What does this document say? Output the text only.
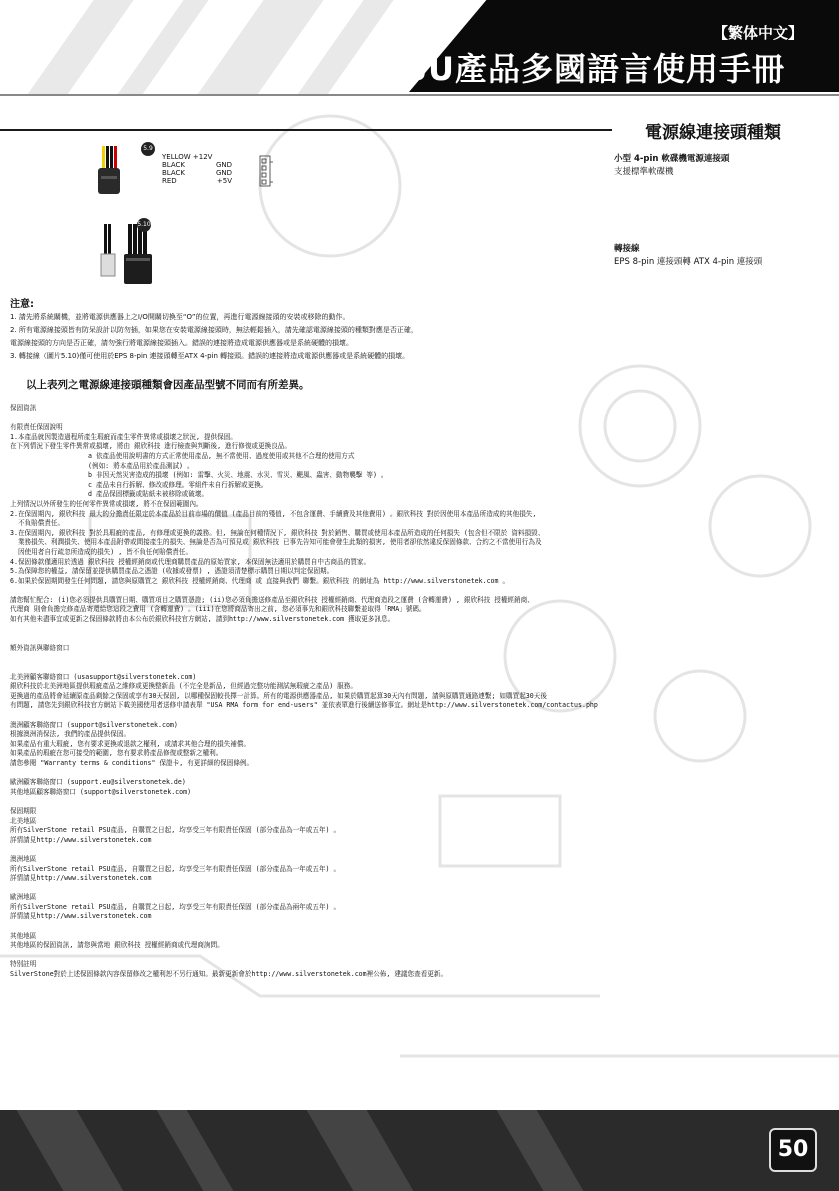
【繁体中文】
PSU產品多國語言使用手冊
電源線連接頭種類
5.9
5.10
YELLOW +12V
BLACK	GND
BLACK	GND
RED	+5V
小型 4-pin 軟碟機電源連接頭
支援標準軟碟機
轉接線
EPS 8-pin 連接頭轉 ATX 4-pin 連接頭
注意:
1. 請先將系統關機，並將電源供應器上之I/O開關切換至“O”的位置，再進行電源線接頭的安裝或移除的動作。
2. 所有電源線接頭皆有防呆設計以防勿插，如果您在安裝電源線接頭時，無法輕鬆插入，請先確認電源線接頭的種類對應是否正確，
電源線接頭的方向是否正確，請勿強行將電源線接頭插入。錯誤的連接將造成電源供應器或是系統硬體的損壞。
3. 轉接線（圖片5.10)僅可使用於EPS 8-pin 連接頭轉至ATX 4-pin 轉接頭。錯誤的連接將造成電源供應器或是系統硬體的損壞。
以上表列之電源線連接頭種類會因產品型號不同而有所差異。
保固資訊
有限責任保固說明
1.本產品就因製造過程所產生瑕疵而產生零件異常或損壞之狀況, 提供保固。
在下列情況下發生零件異常或損壞, 將由 銀欣科技 進行檢查與判斷後, 進行修復或更換良品。
a 依產品使用說明書的方式正常使用產品, 無不當使用、過度使用或其他不合理的使用方式
(例如: 將本產品用於產品測試) 。
b 非因天然災害造成的損壞 (例如: 雷擊、火災、地震、水災、雪災、颶風、蟲害、動物襲擊 等) 。
c 產品未自行拆解、修改或修理。零組件未自行拆解或更換。
d 產品保固標籤或貼紙未被移除或破壞。
上列情況以外所發生的任何零件異常或損壞, 將不在保固範圍內。
2.在保固期內, 銀欣科技 最大的分擔責任限定於本產品於目前市場的價值 (產品目前的殘值, 不包含運費、手續費及其他費用) 。銀欣科技 對於因使用本產品所造成的其他損失,
不負賠償責任。
3.在保固期內, 銀欣科技 對於具瑕疵的產品, 有修理或更換的義務。但, 無論在何種情況下, 銀欣科技 對於銷售、購買或使用本產品所造成的任何損失 (包含但不限於 資料損毀、
業務損失、利潤損失、使用本產品附帶或間接產生的損失、無論是否為可預見或 銀欣科技 已事先告知可能會發生此類的損害, 使用者卻依然違反保固條款、合約之不當使用行為及
因使用者自行疏忽所造成的損失) , 皆不負任何賠償責任。
4.保固條款僅適用於透過 銀欣科技 授權經銷商或代理商購買產品的原始買家, 本保固無法適用於購買自中古商品的買家。
5.為保障您的權益, 請保留並提供購買產品之憑證 (收據或發票) , 憑證須清楚標示購買日期以判定保固期。
6.如果於保固期間發生任何問題, 請您與原購買之 銀欣科技 授權經銷商、代理商 或 直接與我們 聯繫。銀欣科技 的網址為 http://www.silverstonetek.com 。
請您幫忙配合: (i)您必須提供具購買日期、購買項目之購買憑證; (ii)您必須負擔送修產品至銀欣科技 授權經銷商、代理商造段之運費 (含轉運費) , 銀欣科技 授權經銷商、
代理商 則會負擔完修產品寄還給您這段之費用 (含轉運費) 。(iii)在您將商品寄出之前, 您必須事先和銀欣科技聯繫並取得「RMA」號碼。
如有其他未盡事宜或更新之保固條款將由本公布於銀欣科技官方網站, 請到http://www.silverstonetek.com 獲取更多訊息。
額外資訊與聯絡窗口
北美洲顧客聯絡窗口 (usasupport@silverstonetek.com)
銀欣科技於北美洲地區提供瑕疵產品之維修或更換整新品 (不完全是新品, 但經過完整功能測試無瑕疵之產品) 服務。
更換過的產品將會延續原產品剩餘之保固或享有30天保固, 以哪種保固較長擇一計算。所有的電源供應器產品, 如果於購買起算30天內有問題, 請與原購買通路連繫; 如購買起30天後
有問題, 請您先到銀欣科技官方網站下載美國使用者送修申請表單 "USA RMA form for end-users" 並依表單進行後續送修事宜。網址是http://www.silverstonetek.com/contactus.php
澳洲顧客聯絡窗口 (support@silverstonetek.com)
根據澳洲消保法, 我們的產品提供保固。
如果產品有重大瑕疵, 您有要求更換或退款之權利, 或請求其他合理的損失補償。
如果產品的瑕疵在您可接受的範圍, 您有要求將產品修復或整新之權利。
請您參閱 "Warranty terms & conditions" 保證卡, 有更詳細的保固條例。
歐洲顧客聯絡窗口 (support.eu@silverstonetek.de)
其他地區顧客聯絡窗口 (support@silverstonetek.com)
保固期限
北美地區
所有SilverStone retail PSU產品, 自購買之日起, 均享受三年有限責任保固 (部分產品為一年或五年) 。
詳情請見http://www.silverstonetek.com
澳洲地區
所有SilverStone retail PSU產品, 自購買之日起, 均享受三年有限責任保固 (部分產品為一年或五年) 。
詳情請見http://www.silverstonetek.com
歐洲地區
所有SilverStone retail PSU產品, 自購買之日起, 均享受三年有限責任保固 (部分產品為兩年或五年) 。
詳情請見http://www.silverstonetek.com
其他地區
其他地區的保固資訊, 請您與當地 銀欣科技 授權經銷商或代理商詢問。
特別註明
SilverStone對於上述保固條款內容保留修改之權利恕不另行通知。最新更新會於http://www.silverstonetek.com裡公佈, 建議您查看更新。
50
